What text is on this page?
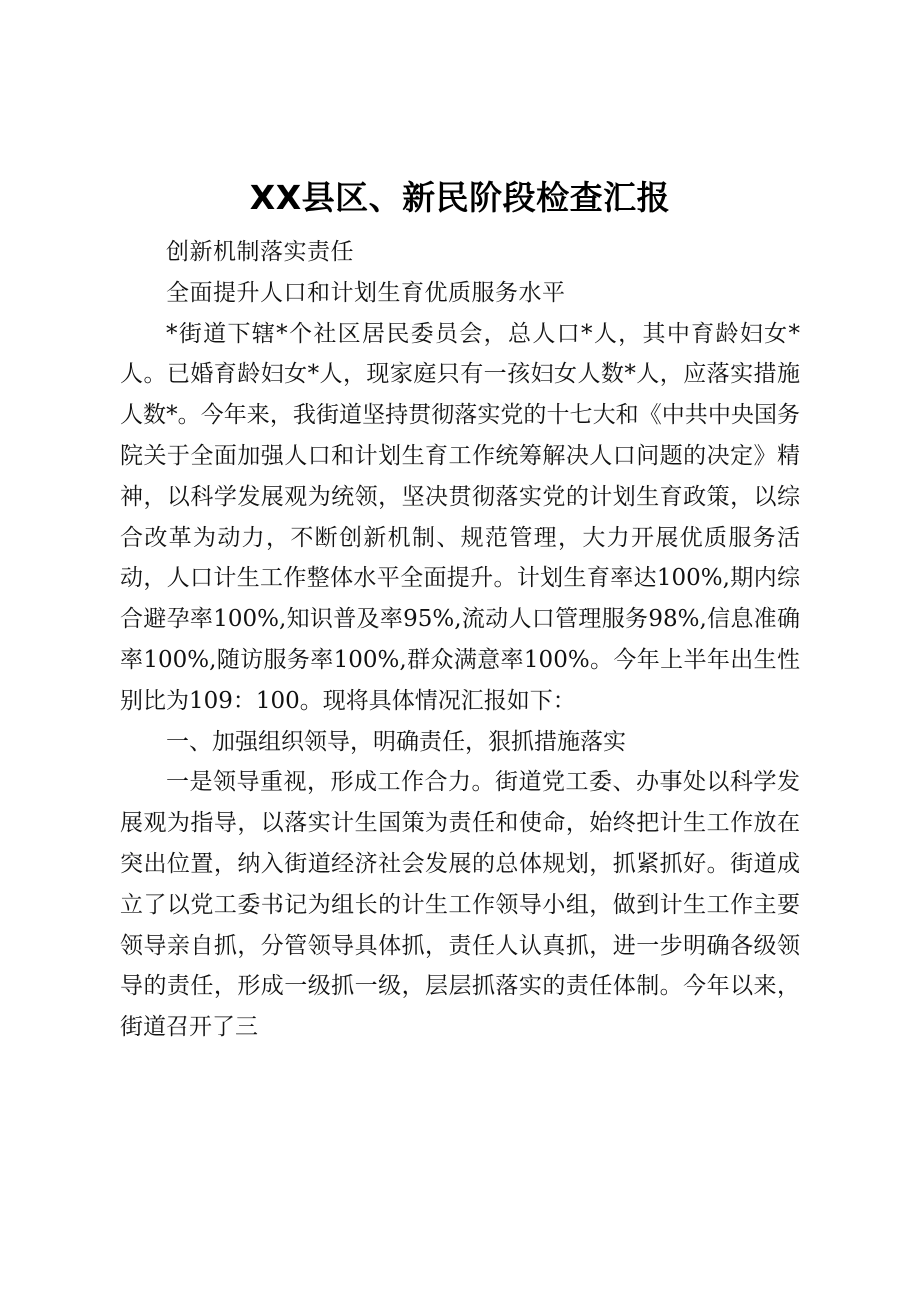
XX县区、新民阶段检查汇报

创新机制落实责任

全面提升人口和计划生育优质服务水平

*街道下辖*个社区居民委员会，总人口*人，其中育龄妇女*人。已婚育龄妇女*人，现家庭只有一孩妇女人数*人，应落实措施人数*。今年来，我街道坚持贯彻落实党的十七大和《中共中央国务院关于全面加强人口和计划生育工作统筹解决人口问题的决定》精神，以科学发展观为统领，坚决贯彻落实党的计划生育政策，以综合改革为动力，不断创新机制、规范管理，大力开展优质服务活动，人口计生工作整体水平全面提升。计划生育率达100%,期内综合避孕率100%,知识普及率95%,流动人口管理服务98%,信息准确率100%,随访服务率100%,群众满意率100%。今年上半年出生性别比为109：100。现将具体情况汇报如下：

一、加强组织领导，明确责任，狠抓措施落实

一是领导重视，形成工作合力。街道党工委、办事处以科学发展观为指导，以落实计生国策为责任和使命，始终把计生工作放在突出位置，纳入街道经济社会发展的总体规划，抓紧抓好。街道成立了以党工委书记为组长的计生工作领导小组，做到计生工作主要领导亲自抓，分管领导具体抓，责任人认真抓，进一步明确各级领导的责任，形成一级抓一级，层层抓落实的责任体制。今年以来，街道召开了三
